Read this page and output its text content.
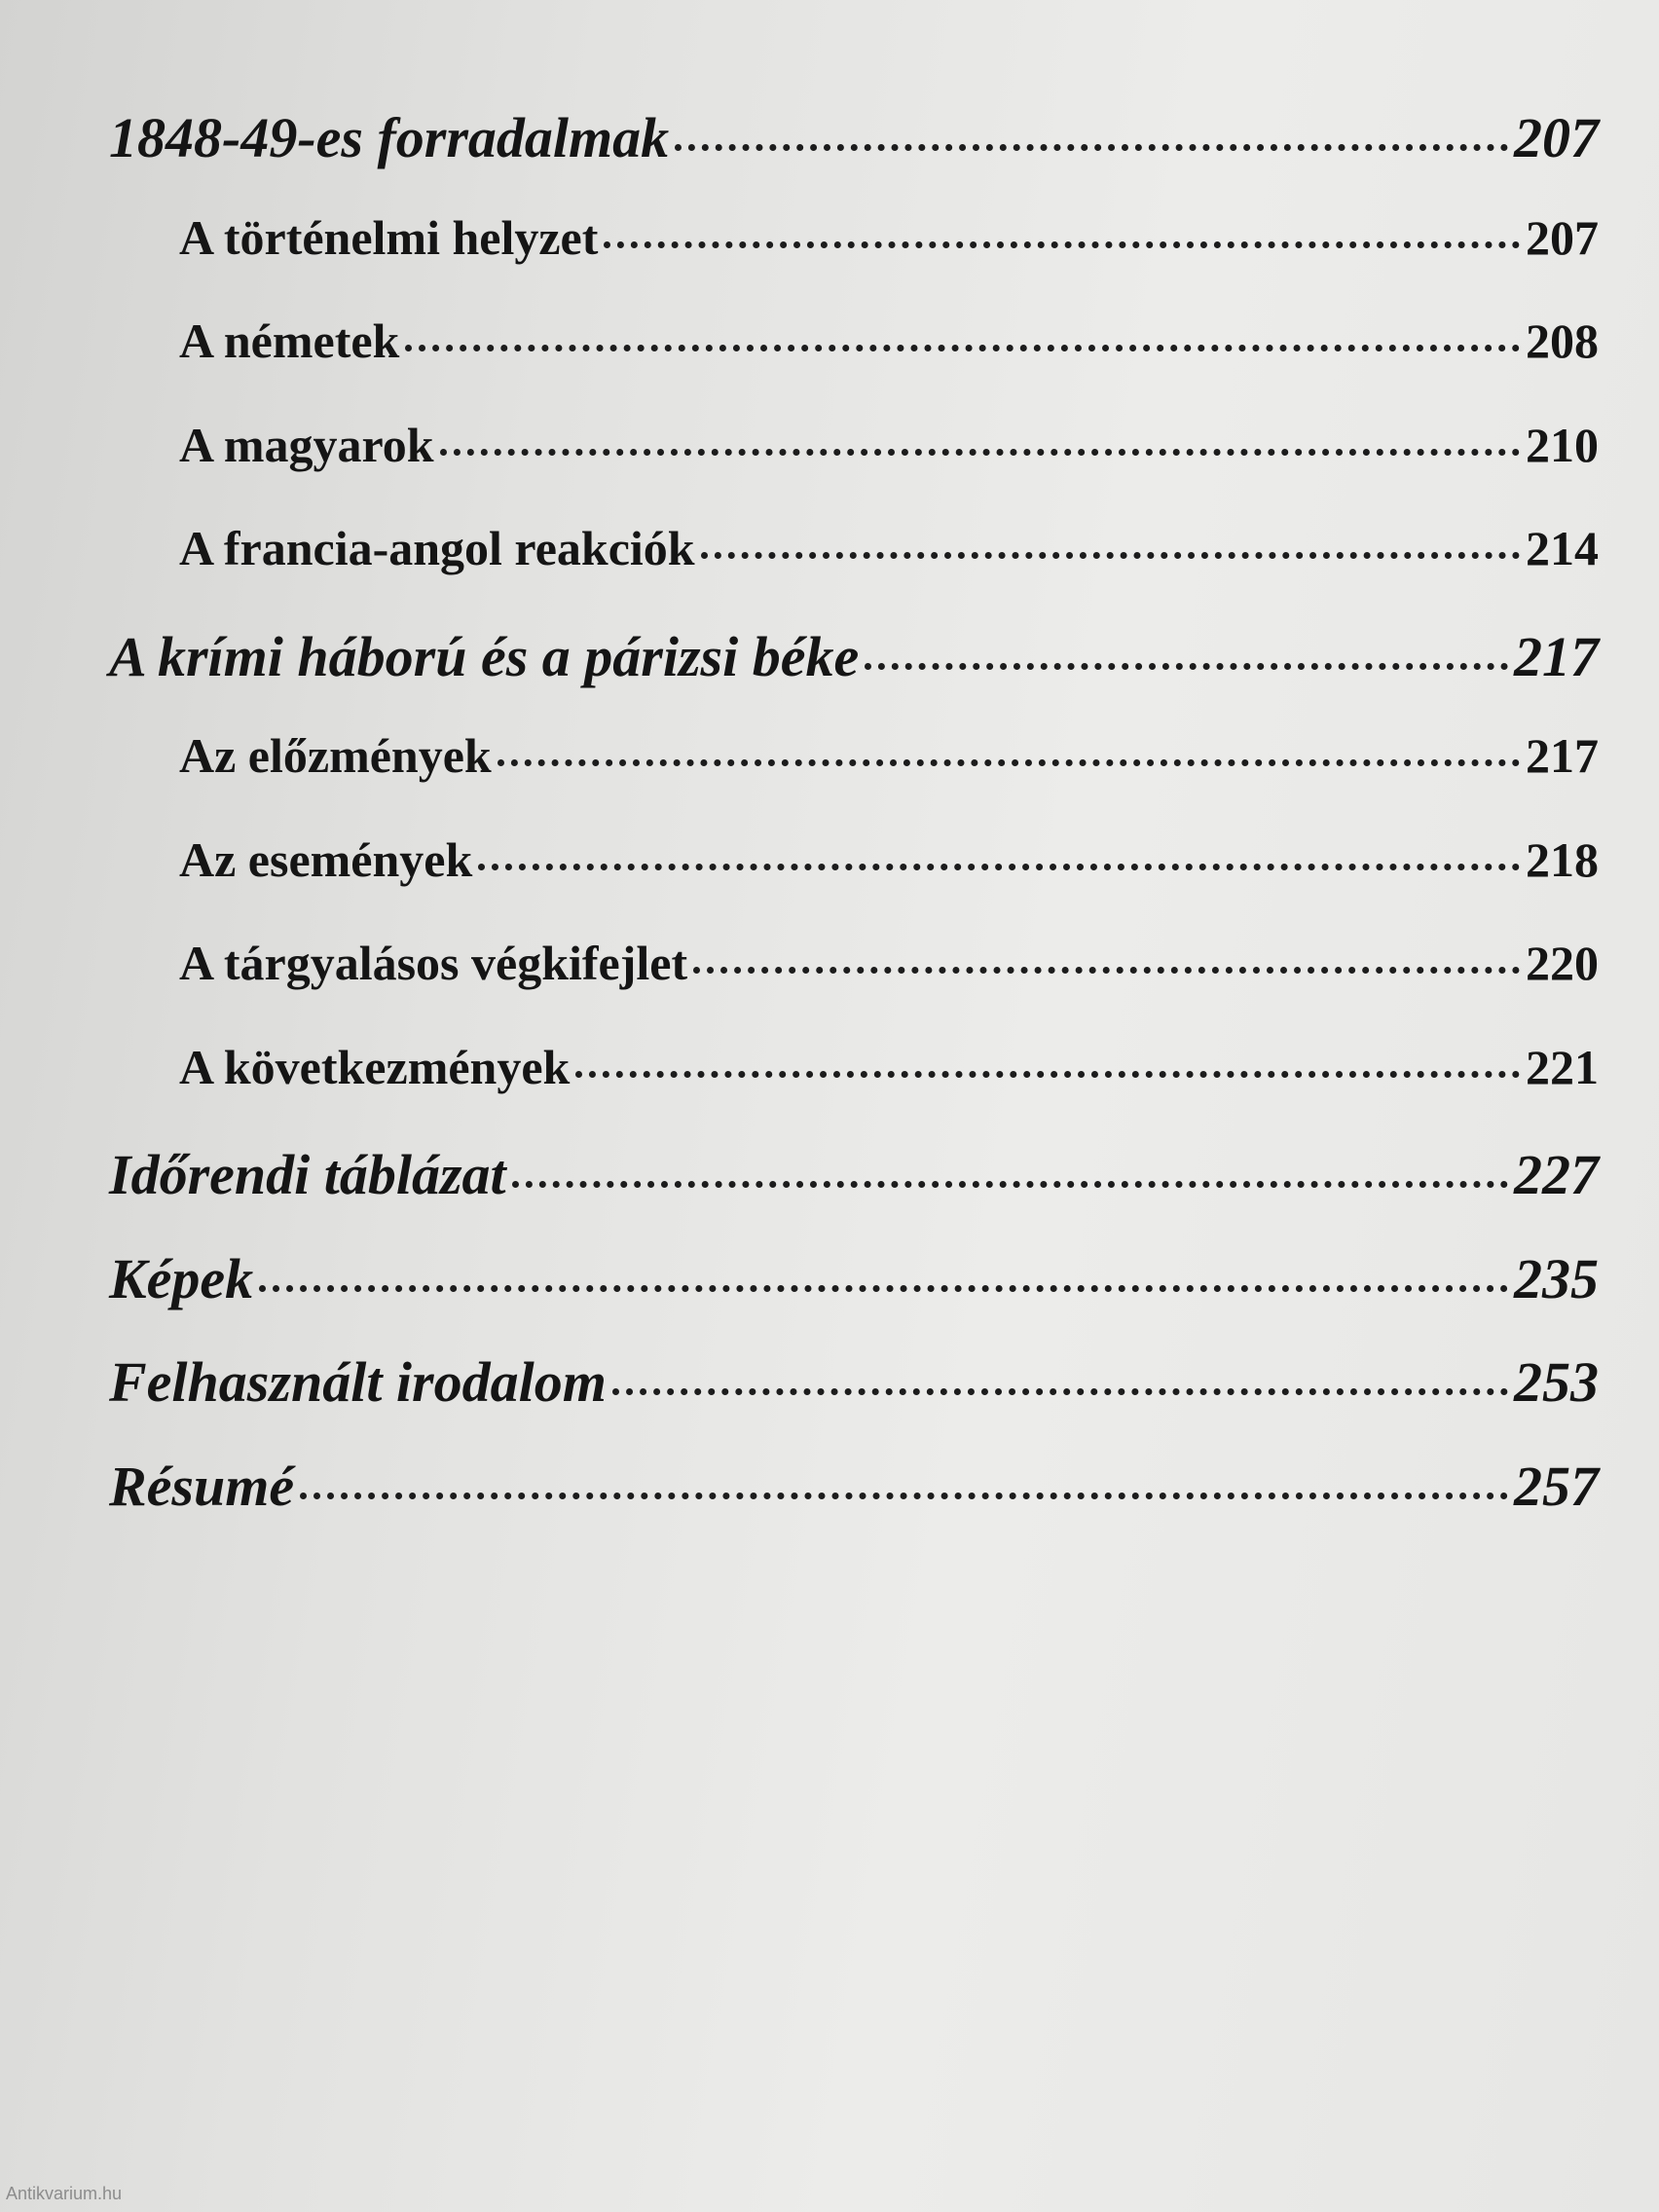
1848-49-es forradalmak	207
A történelmi helyzet	207
A németek	208
A magyarok	210
A francia-angol reakciók	214
A krími háború és a párizsi béke	217
Az előzmények	217
Az események	218
A tárgyalásos végkifejlet	220
A következmények	221
Időrendi táblázat	227
Képek	235
Felhasznált irodalom	253
Résumé	257
Antikvarium.hu
